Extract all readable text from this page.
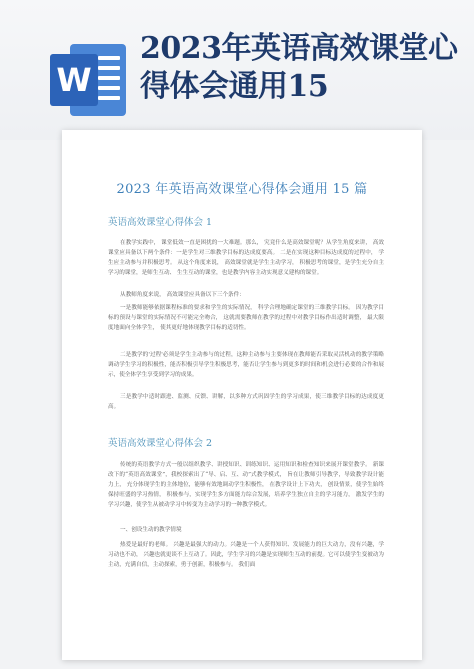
W
2023年英语高效课堂心得体会通用15
2023 年英语高效课堂心得体会通用 15 篇
英语高效课堂心得体会 1
在教学实践中， 课堂低效一直是困扰的一大难题。那么， 究竟什么是高效课堂呢？从学生角度来讲， 高效课堂应具备以下两个条件：一是学生对三维教学目标的达成度要高。 二是在实现这种目标达成度的过程中， 学生应主动参与并积极思考。 从这个角度来说， 高效课堂就是学生主动学习， 积极思考的课堂，是学生充分自主学习的课堂，是师生互动、 生生互动的课堂，也是教学内容主动实现意义建构的课堂。
从教师角度来说， 高效课堂应具备以下三个条件：
一是教师能够依据课程标准的要求和学生的实际情况， 科学合理地确定课堂的三维教学目标。 因为教学目标的预设与课堂的实际情况不可能完全吻合， 这就需要教师在教学的过程中对教学目标作出适时调整， 最大限度地面向全体学生， 使其更好地体现教学目标的适切性。
二是教学的'过程'必须是学生主动参与的过程，这种主动参与主要体现在教师能否采取灵活机动的教学策略调动学生学习的积极性，能否积极引导学生积极思考，能否让学生参与到更多的时间和机会进行必要的合作和展示，使全体学生享受到学习的成果。
三是教学中适时跟进、监测、反馈、讲解，以多种方式巩固学生的学习成果，使三维教学目标的达成度更高。
英语高效课堂心得体会 2
传统的英语教学方式一般以组织教学、讲授知识、训练知识、运用知识和检查知识来展开课堂教学。 新课改下的“英语高效课堂”，我校探索出了“导、启、互、动”式教学模式， 旨在让教师引导教学，导致教学设计能力上， 充分体现学生的主体地位，能够有效地调动学生积极性， 在教学设计上下功夫， 创设情景，使学生始终保持旺盛的学习热情， 积极参与，实现学生多方面能力综合发展，培养学生独立自主的学习能力， 激发学生的学习兴趣，使学生从被动学习中转变为主动学习的一种教学模式。
一、创设生动的教学情境
热爱是最好的老师。 兴趣是最强大的动力。兴趣是一个人获得知识、发展能力的巨大动力，没有兴趣，学习动也不动， 兴趣也就更谈不上互动了。因此，学生学习的兴趣是实现师生互动的前提。它可以使学生变被动为主动，充满自信，主动探索，勇于创新，积极参与。 我们面
